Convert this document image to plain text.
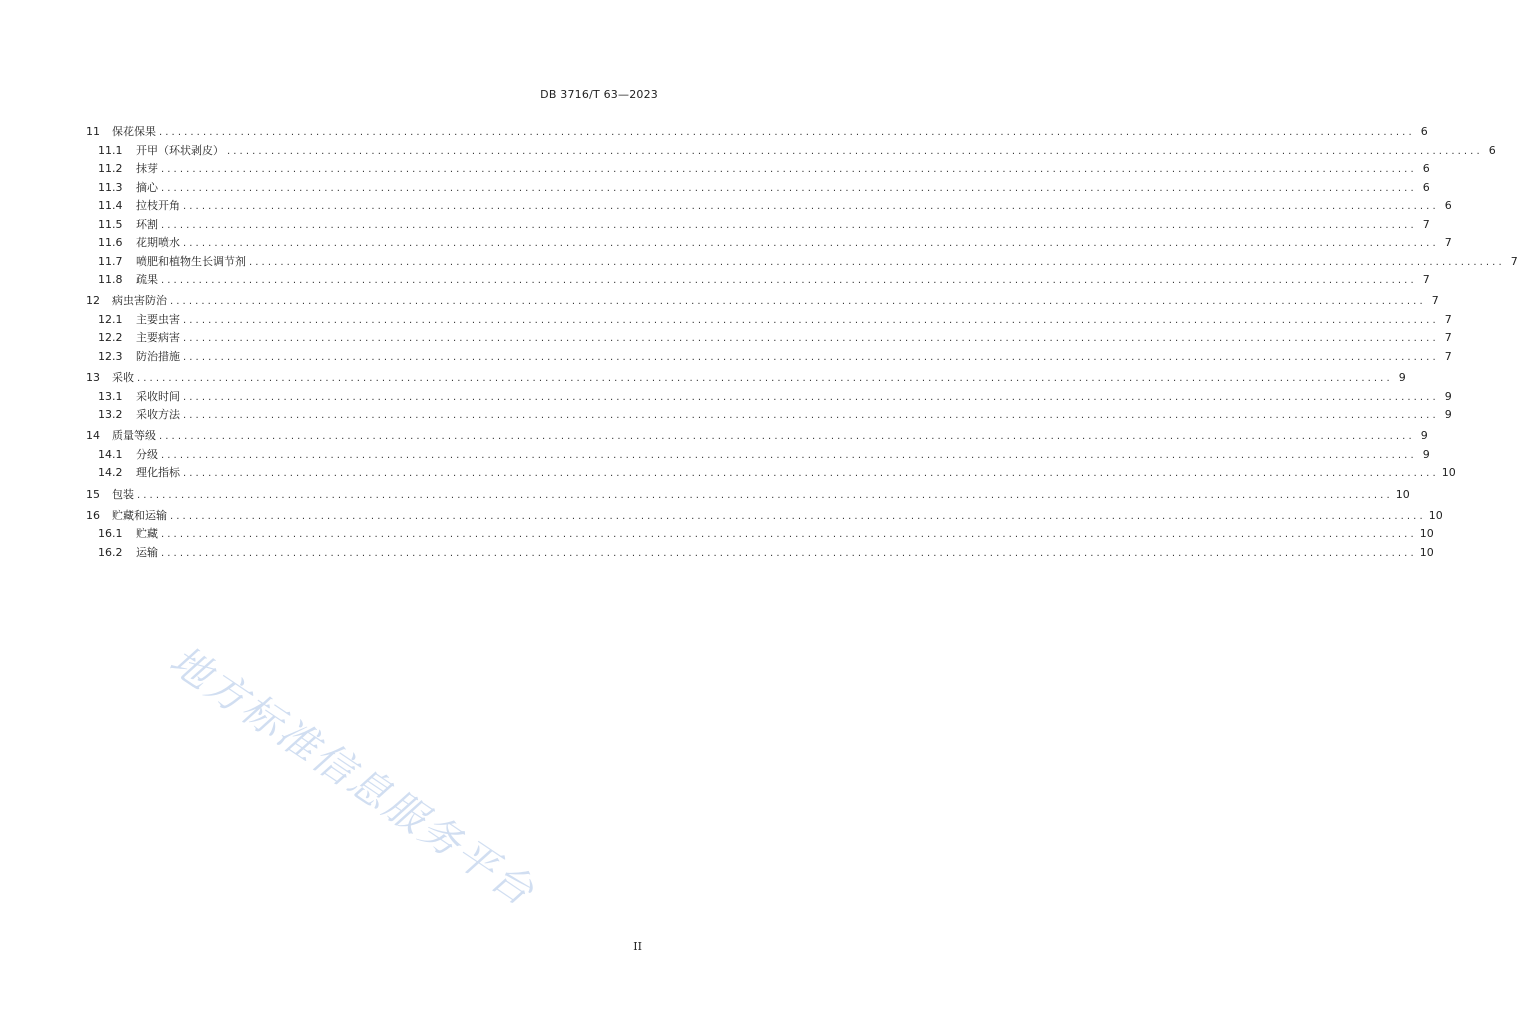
DB 3716/T 63—2023
11	保花保果 ........................................................................................................................................................................................................ 6
11.1	开甲（环状剥皮） ........................................................................................................................................................................................................ 6
11.2	抹芽 ........................................................................................................................................................................................................ 6
11.3	摘心 ........................................................................................................................................................................................................ 6
11.4	拉枝开角 ........................................................................................................................................................................................................ 6
11.5	环割 ........................................................................................................................................................................................................ 7
11.6	花期喷水 ........................................................................................................................................................................................................ 7
11.7	喷肥和植物生长调节剂 ........................................................................................................................................................................................................ 7
11.8	疏果 ........................................................................................................................................................................................................ 7
12	病虫害防治 ........................................................................................................................................................................................................ 7
12.1	主要虫害 ........................................................................................................................................................................................................ 7
12.2	主要病害 ........................................................................................................................................................................................................ 7
12.3	防治措施 ........................................................................................................................................................................................................ 7
13	采收 ........................................................................................................................................................................................................ 9
13.1	采收时间 ........................................................................................................................................................................................................ 9
13.2	采收方法 ........................................................................................................................................................................................................ 9
14	质量等级 ........................................................................................................................................................................................................ 9
14.1	分级 ........................................................................................................................................................................................................ 9
14.2	理化指标 ........................................................................................................................................................................................................ 10
15	包装 ........................................................................................................................................................................................................ 10
16	贮藏和运输 ........................................................................................................................................................................................................ 10
16.1	贮藏 ........................................................................................................................................................................................................ 10
16.2	运输 ........................................................................................................................................................................................................ 10
地方标准信息服务平台
II
